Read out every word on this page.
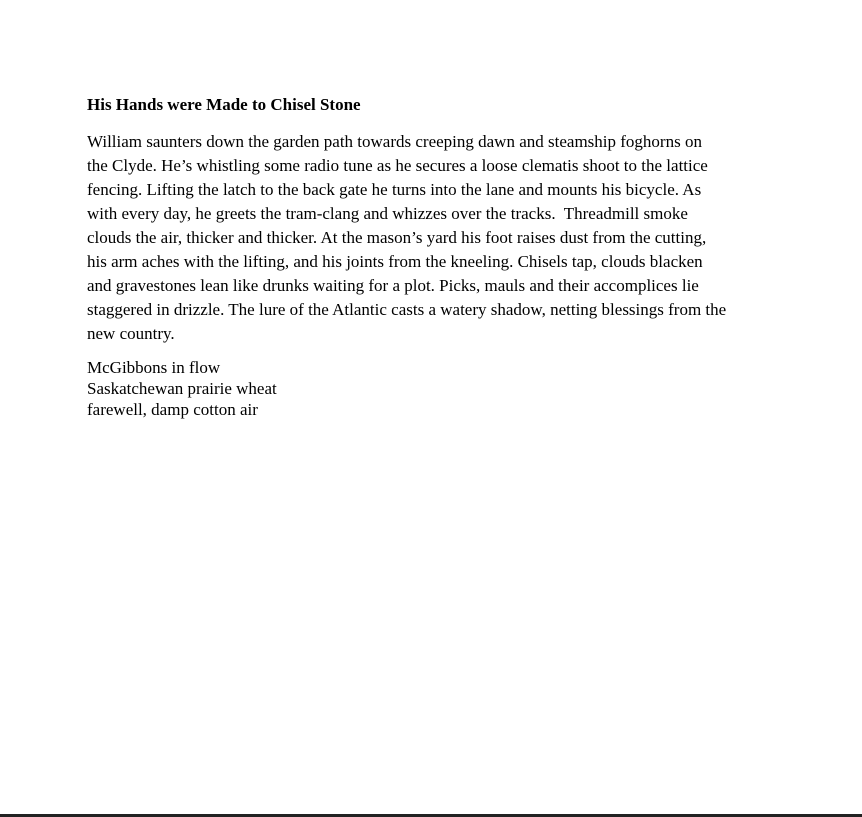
His Hands were Made to Chisel Stone

William saunters down the garden path towards creeping dawn and steamship foghorns on
the Clyde. He’s whistling some radio tune as he secures a loose clematis shoot to the lattice
fencing. Lifting the latch to the back gate he turns into the lane and mounts his bicycle. As
with every day, he greets the tram-clang and whizzes over the tracks.  Threadmill smoke
clouds the air, thicker and thicker. At the mason’s yard his foot raises dust from the cutting,
his arm aches with the lifting, and his joints from the kneeling. Chisels tap, clouds blacken
and gravestones lean like drunks waiting for a plot. Picks, mauls and their accomplices lie
staggered in drizzle. The lure of the Atlantic casts a watery shadow, netting blessings from the
new country.

McGibbons in flow
Saskatchewan prairie wheat
farewell, damp cotton air
